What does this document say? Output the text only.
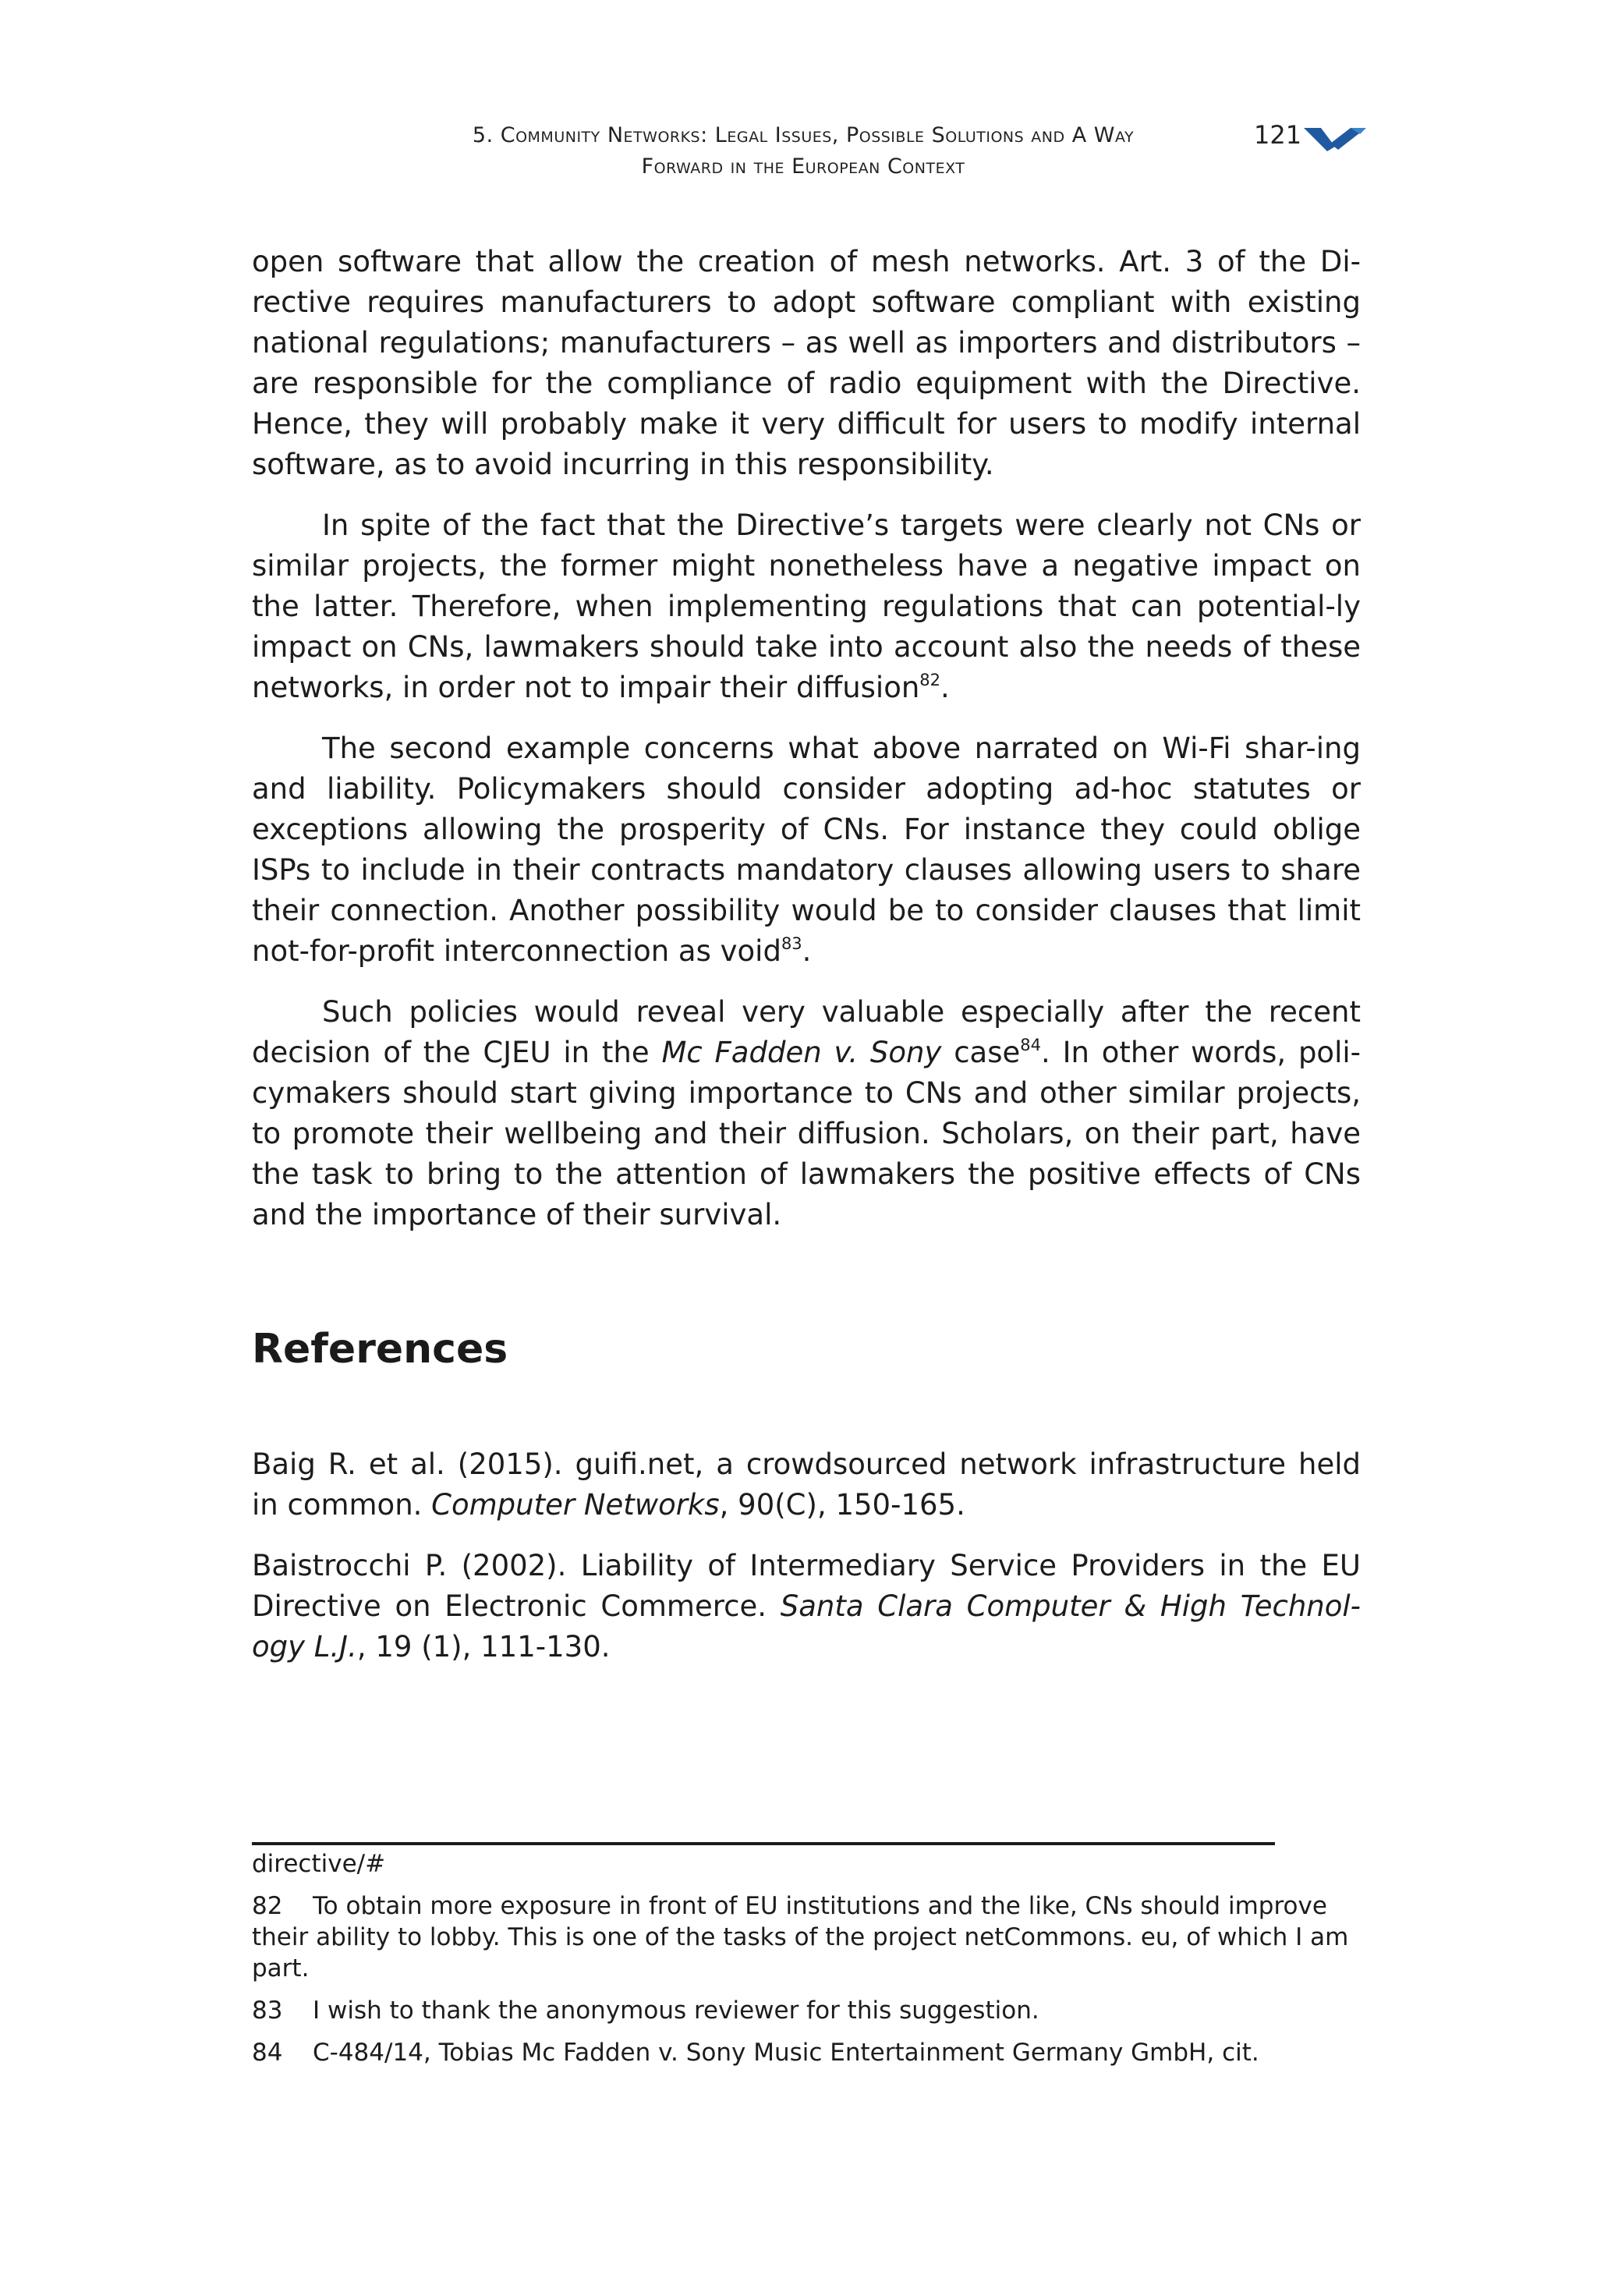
5. Community Networks: Legal Issues, Possible Solutions and A Way
Forward in the European Context
121

open software that allow the creation of mesh networks. Art. 3 of the Di-rective requires manufacturers to adopt software compliant with existing national regulations; manufacturers – as well as importers and distributors – are responsible for the compliance of radio equipment with the Directive. Hence, they will probably make it very difficult for users to modify internal software, as to avoid incurring in this responsibility.

In spite of the fact that the Directive’s targets were clearly not CNs or similar projects, the former might nonetheless have a negative impact on the latter. Therefore, when implementing regulations that can potential-ly impact on CNs, lawmakers should take into account also the needs of these networks, in order not to impair their diffusion$^{82}$.

The second example concerns what above narrated on Wi-Fi shar-ing and liability. Policymakers should consider adopting ad-hoc statutes or exceptions allowing the prosperity of CNs. For instance they could oblige ISPs to include in their contracts mandatory clauses allowing users to share their connection. Another possibility would be to consider clauses that limit not-for-profit interconnection as void$^{83}$.

Such policies would reveal very valuable especially after the recent decision of the CJEU in the Mc Fadden v. Sony case$^{84}$. In other words, poli-cymakers should start giving importance to CNs and other similar projects, to promote their wellbeing and their diffusion. Scholars, on their part, have the task to bring to the attention of lawmakers the positive effects of CNs and the importance of their survival.

References

Baig R. et al. (2015). guifi.net, a crowdsourced network infrastructure held in common. Computer Networks, 90(C), 150-165.

Baistrocchi P. (2002). Liability of Intermediary Service Providers in the EU Directive on Electronic Commerce. Santa Clara Computer & High Technol-ogy L.J., 19 (1), 111-130.

directive/#

82 To obtain more exposure in front of EU institutions and the like, CNs should improve their ability to lobby. This is one of the tasks of the project netCommons. eu, of which I am part.

83 I wish to thank the anonymous reviewer for this suggestion.

84 C-484/14, Tobias Mc Fadden v. Sony Music Entertainment Germany GmbH, cit.
